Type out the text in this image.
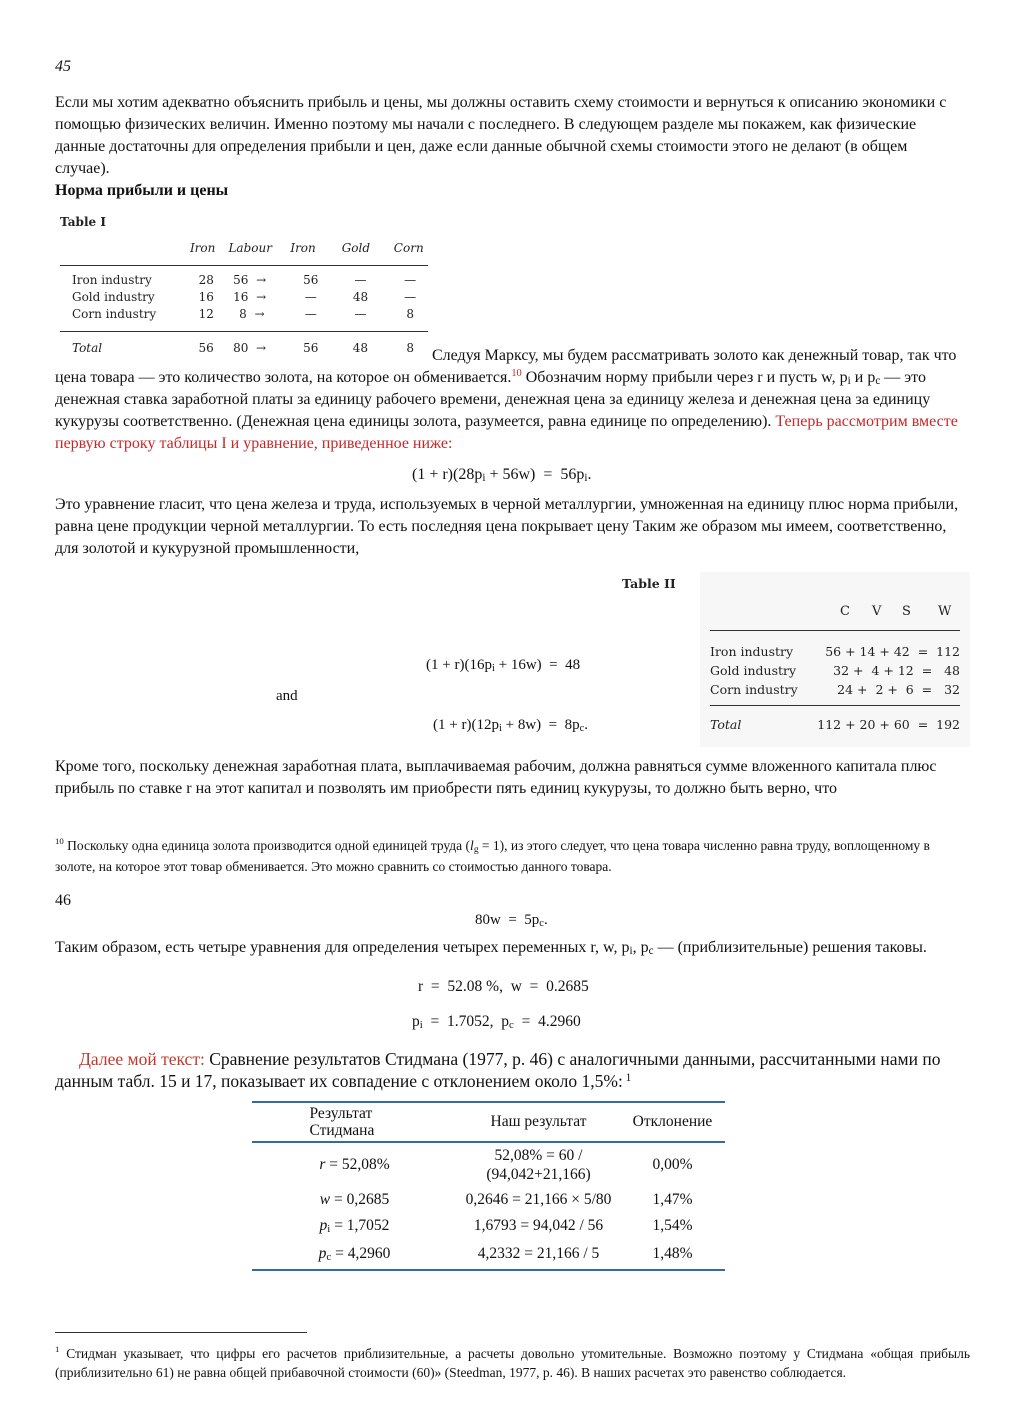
45
Если мы хотим адекватно объяснить прибыль и цены, мы должны оставить схему стоимости и вернуться к описанию экономики с помощью физических величин. Именно поэтому мы начали с последнего. В следующем разделе мы покажем, как физические данные достаточны для определения прибыли и цен, даже если данные обычной схемы стоимости этого не делают (в общем случае).
Норма прибыли и цены
Table I
	Iron	Labour	Iron	Gold	Corn
Iron industry	28	56 →	56	—	—
Gold industry	16	16 →	—	48	—
Corn industry	12	8 →	—	—	8
Total	56	80 →	56	48	8	Следуя Марксу, мы будем рассматривать золото как денежный товар, так что цена товара — это количество золота, на которое он обменивается.$^{10}$ Обозначим норму прибыли через r и пусть w, $p_i$ и $p_c$ — это денежная ставка заработной платы за единицу рабочего времени, денежная цена за единицу железа и денежная цена за единицу кукурузы соответственно. (Денежная цена единицы золота, разумеется, равна единице по определению). Теперь рассмотрим вместе первую строку таблицы I и уравнение, приведенное ниже:
$(1 + r)(28p_i + 56w) = 56p_i$.
Это уравнение гласит, что цена железа и труда, используемых в черной металлургии, умноженная на единицу плюс норма прибыли, равна цене продукции черной металлургии. То есть последняя цена покрывает цену Таким же образом мы имеем, соответственно, для золотой и кукурузной промышленности,
$(1 + r)(16p_i + 16w) = 48$
and
$(1 + r)(12p_i + 8w) = 8p_c$.
Table II
C V S W
Iron industry	56 + 14 + 42  =  112
Gold industry	32 +  4 + 12  =   48
Corn industry	24 +  2 +  6  =   32
Total	112 + 20 + 60  =  192
Кроме того, поскольку денежная заработная плата, выплачиваемая рабочим, должна равняться сумме вложенного капитала плюс прибыль по ставке r на этот капитал и позволять им приобрести пять единиц кукурузы, то должно быть верно, что
$^{10}$ Поскольку одна единица золота производится одной единицей труда $(l_g = 1)$, из этого следует, что цена товара численно равна труду, воплощенному в золоте, на которое этот товар обменивается. Это можно сравнить со стоимостью данного товара.
46
$80w = 5p_c$.
Таким образом, есть четыре уравнения для определения четырех переменных r, w, $p_i$, $p_c$ — (приблизительные) решения таковы.
r  =  52.08 %,  w  =  0.2685
$p_i = 1.7052$,  $p_c = 4.2960$
Далее мой текст: Сравнение результатов Стидмана (1977, р. 46) с аналогичными данными, рассчитанными нами по данным табл. 15 и 17, показывает их совпадение с отклонением около 1,5%: $^1$
Результат Стидмана
	Наш результат	Отклонение
r = 52,08%	52,08% = 60 / (94,042+21,166)	0,00%
w = 0,2685	0,2646 = 21,166 × 5/80	1,47%
$p_i = 1,7052$	1,6793 = 94,042 / 56	1,54%
$p_c = 4,2960$	4,2332 = 21,166 / 5	1,48%
$^1$ Стидман указывает, что цифры его расчетов приблизительные, а расчеты довольно утомительные. Возможно поэтому у Стидмана «общая прибыль (приблизительно 61) не равна общей прибавочной стоимости (60)» (Steedman, 1977, p. 46). В наших расчетах это равенство соблюдается.
